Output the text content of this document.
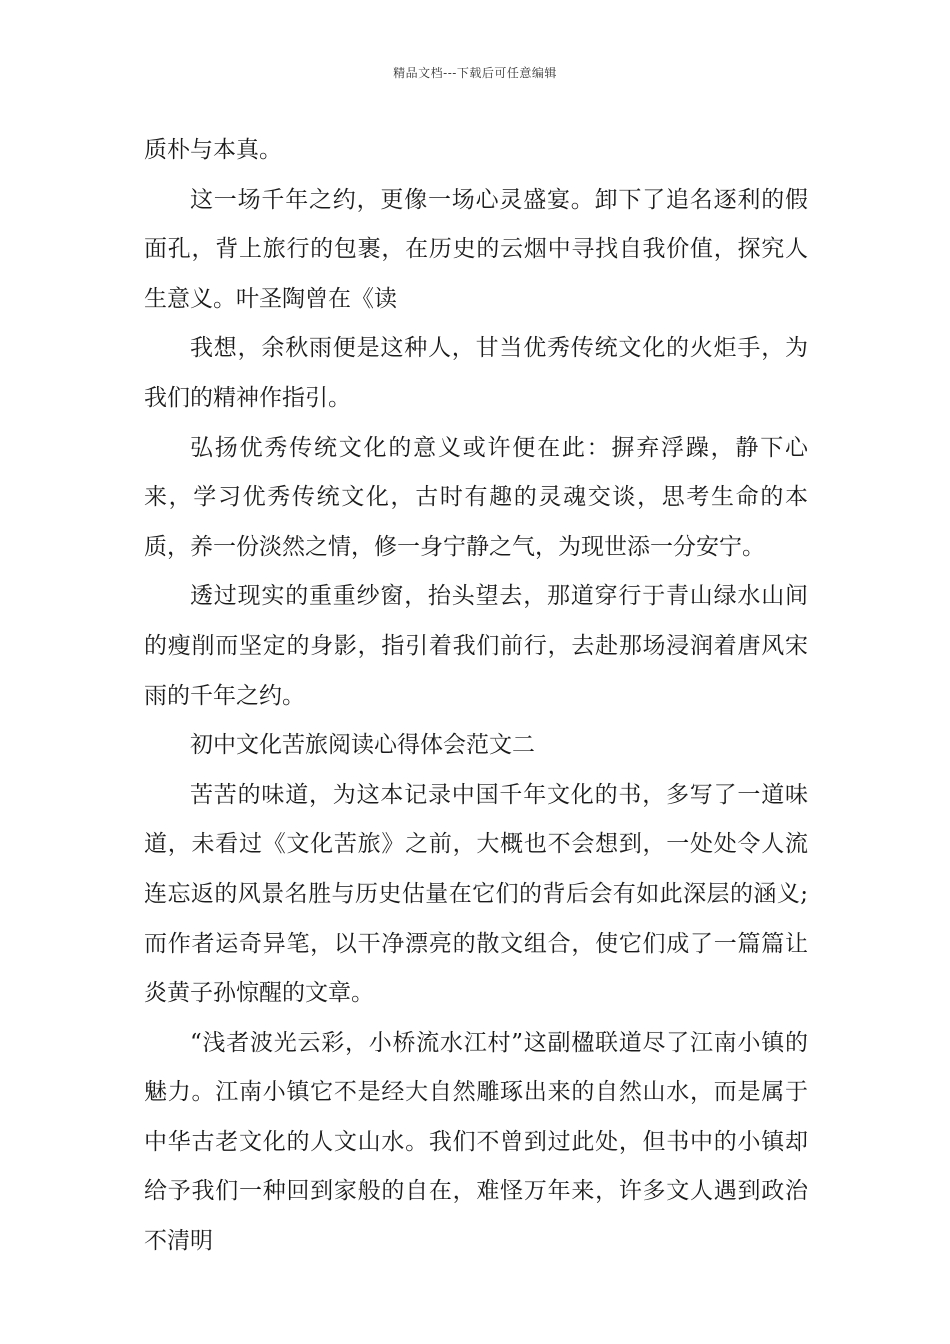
精品文档---下载后可任意编辑

质朴与本真。

这一场千年之约，更像一场心灵盛宴。卸下了追名逐利的假面孔，背上旅行的包裹，在历史的云烟中寻找自我价值，探究人生意义。叶圣陶曾在《读

我想，余秋雨便是这种人，甘当优秀传统文化的火炬手，为我们的精神作指引。

弘扬优秀传统文化的意义或许便在此：摒弃浮躁，静下心来，学习优秀传统文化，古时有趣的灵魂交谈，思考生命的本质，养一份淡然之情，修一身宁静之气，为现世添一分安宁。

透过现实的重重纱窗，抬头望去，那道穿行于青山绿水山间的瘦削而坚定的身影，指引着我们前行，去赴那场浸润着唐风宋雨的千年之约。

初中文化苦旅阅读心得体会范文二

苦苦的味道，为这本记录中国千年文化的书，多写了一道味道，未看过《文化苦旅》之前，大概也不会想到，一处处令人流连忘返的风景名胜与历史估量在它们的背后会有如此深层的涵义;而作者运奇异笔，以干净漂亮的散文组合，使它们成了一篇篇让炎黄子孙惊醒的文章。

“浅者波光云彩，小桥流水江村”这副楹联道尽了江南小镇的魅力。江南小镇它不是经大自然雕琢出来的自然山水，而是属于中华古老文化的人文山水。我们不曾到过此处，但书中的小镇却给予我们一种回到家般的自在，难怪万年来，许多文人遇到政治不清明
